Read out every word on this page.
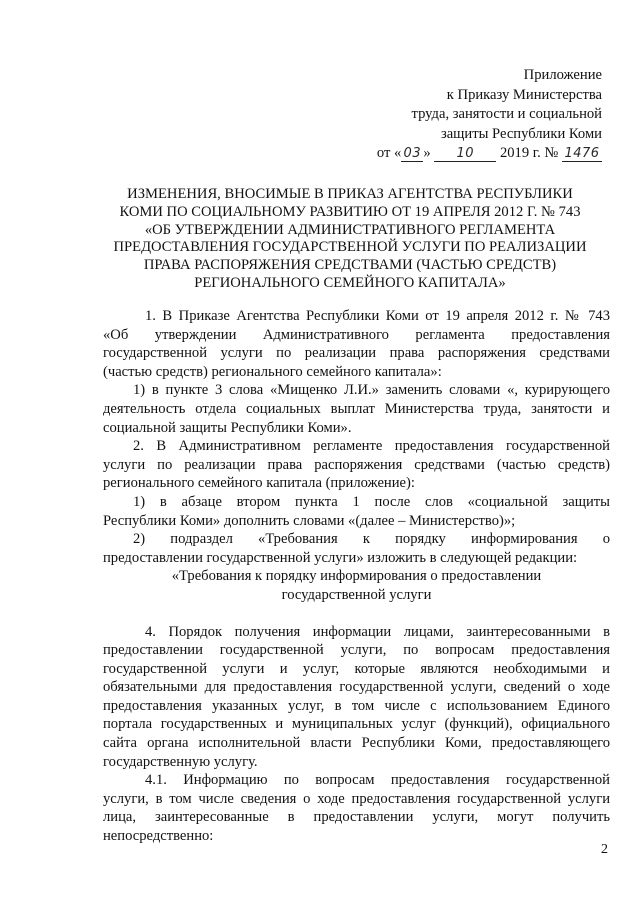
Приложение
к Приказу Министерства
труда, занятости и социальной
защиты Республики Коми
от « 03 » 10 2019 г. № 1476
ИЗМЕНЕНИЯ, ВНОСИМЫЕ В ПРИКАЗ АГЕНТСТВА РЕСПУБЛИКИ
КОМИ ПО СОЦИАЛЬНОМУ РАЗВИТИЮ ОТ 19 АПРЕЛЯ 2012 Г. № 743
«ОБ УТВЕРЖДЕНИИ АДМИНИСТРАТИВНОГО РЕГЛАМЕНТА
ПРЕДОСТАВЛЕНИЯ ГОСУДАРСТВЕННОЙ УСЛУГИ ПО РЕАЛИЗАЦИИ
ПРАВА РАСПОРЯЖЕНИЯ СРЕДСТВАМИ (ЧАСТЬЮ СРЕДСТВ)
РЕГИОНАЛЬНОГО СЕМЕЙНОГО КАПИТАЛА»
1. В Приказе Агентства Республики Коми от 19 апреля 2012 г. № 743
«Об утверждении Административного регламента предоставления
государственной услуги по реализации права распоряжения средствами
(частью средств) регионального семейного капитала»:
1) в пункте 3 слова «Мищенко Л.И.» заменить словами «, курирующего
деятельность отдела социальных выплат Министерства труда, занятости и
социальной защиты Республики Коми».
2. В Административном регламенте предоставления государственной
услуги по реализации права распоряжения средствами (частью средств)
регионального семейного капитала (приложение):
1) в абзаце втором пункта 1 после слов «социальной защиты
Республики Коми» дополнить словами «(далее – Министерство)»;
2) подраздел «Требования к порядку информирования о
предоставлении государственной услуги» изложить в следующей редакции:
«Требования к порядку информирования о предоставлении
государственной услуги
4. Порядок получения информации лицами, заинтересованными в
предоставлении государственной услуги, по вопросам предоставления
государственной услуги и услуг, которые являются необходимыми и
обязательными для предоставления государственной услуги, сведений о ходе
предоставления указанных услуг, в том числе с использованием Единого
портала государственных и муниципальных услуг (функций), официального
сайта органа исполнительной власти Республики Коми, предоставляющего
государственную услугу.
4.1. Информацию по вопросам предоставления государственной
услуги, в том числе сведения о ходе предоставления государственной услуги
лица, заинтересованные в предоставлении услуги, могут получить
непосредственно:
2
